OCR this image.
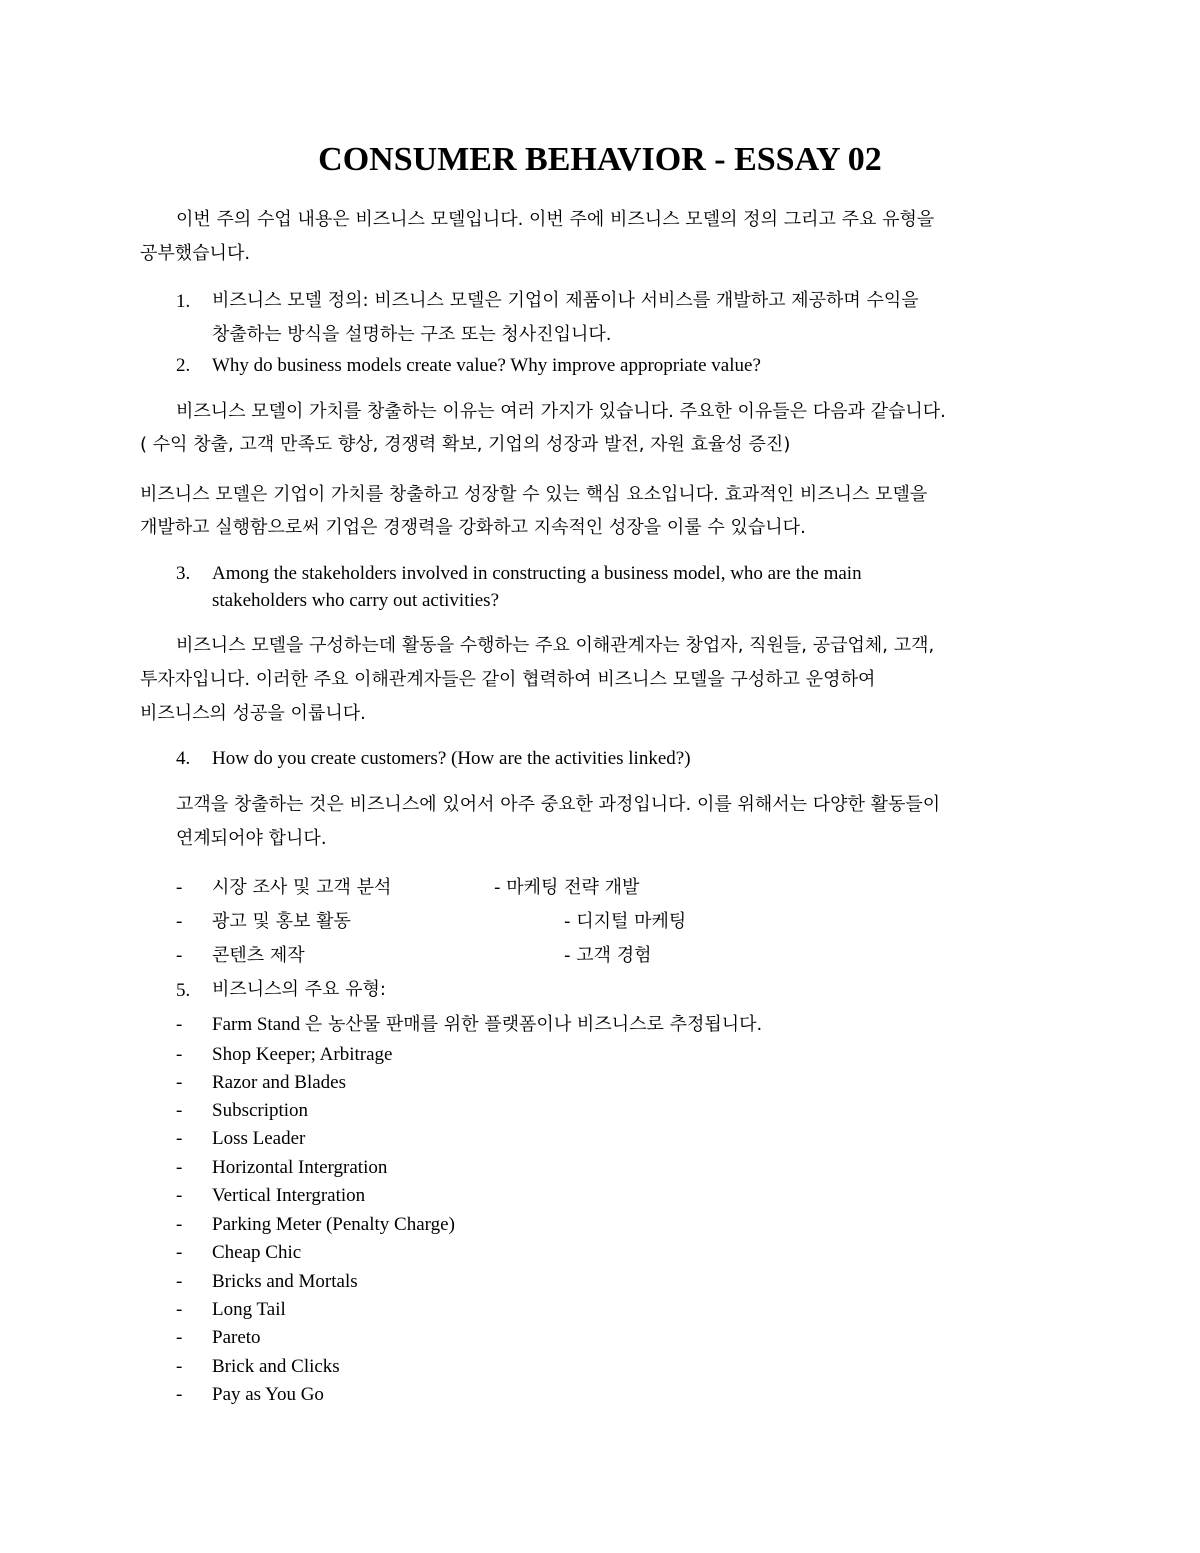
CONSUMER BEHAVIOR - ESSAY 02
이번 주의 수업 내용은 비즈니스 모델입니다. 이번 주에 비즈니스 모델의 정의 그리고 주요 유형을
공부했습니다.
1. 비즈니스 모델 정의: 비즈니스 모델은 기업이 제품이나 서비스를 개발하고 제공하며 수익을
창출하는 방식을 설명하는 구조 또는 청사진입니다.
2. Why do business models create value? Why improve appropriate value?
비즈니스 모델이 가치를 창출하는 이유는 여러 가지가 있습니다. 주요한 이유들은 다음과 같습니다.
( 수익 창출, 고객 만족도 향상, 경쟁력 확보, 기업의 성장과 발전, 자원 효율성 증진)
비즈니스 모델은 기업이 가치를 창출하고 성장할 수 있는 핵심 요소입니다. 효과적인 비즈니스 모델을
개발하고 실행함으로써 기업은 경쟁력을 강화하고 지속적인 성장을 이룰 수 있습니다.
3. Among the stakeholders involved in constructing a business model, who are the main
stakeholders who carry out activities?
비즈니스 모델을 구성하는데 활동을 수행하는 주요 이해관계자는 창업자, 직원들, 공급업체, 고객,
투자자입니다. 이러한 주요 이해관계자들은 같이 협력하여 비즈니스 모델을 구성하고 운영하여
비즈니스의 성공을 이룹니다.
4. How do you create customers? (How are the activities linked?)
고객을 창출하는 것은 비즈니스에 있어서 아주 중요한 과정입니다. 이를 위해서는 다양한 활동들이
연계되어야 합니다.
- 시장 조사 및 고객 분석	- 마케팅 전략 개발
- 광고 및 홍보 활동	- 디지털 마케팅
- 콘텐츠 제작	- 고객 경험
5. 비즈니스의 주요 유형:
- Farm Stand 은 농산물 판매를 위한 플랫폼이나 비즈니스로 추정됩니다.
- Shop Keeper; Arbitrage
- Razor and Blades
- Subscription
- Loss Leader
- Horizontal Intergration
- Vertical Intergration
- Parking Meter (Penalty Charge)
- Cheap Chic
- Bricks and Mortals
- Long Tail
- Pareto
- Brick and Clicks
- Pay as You Go
